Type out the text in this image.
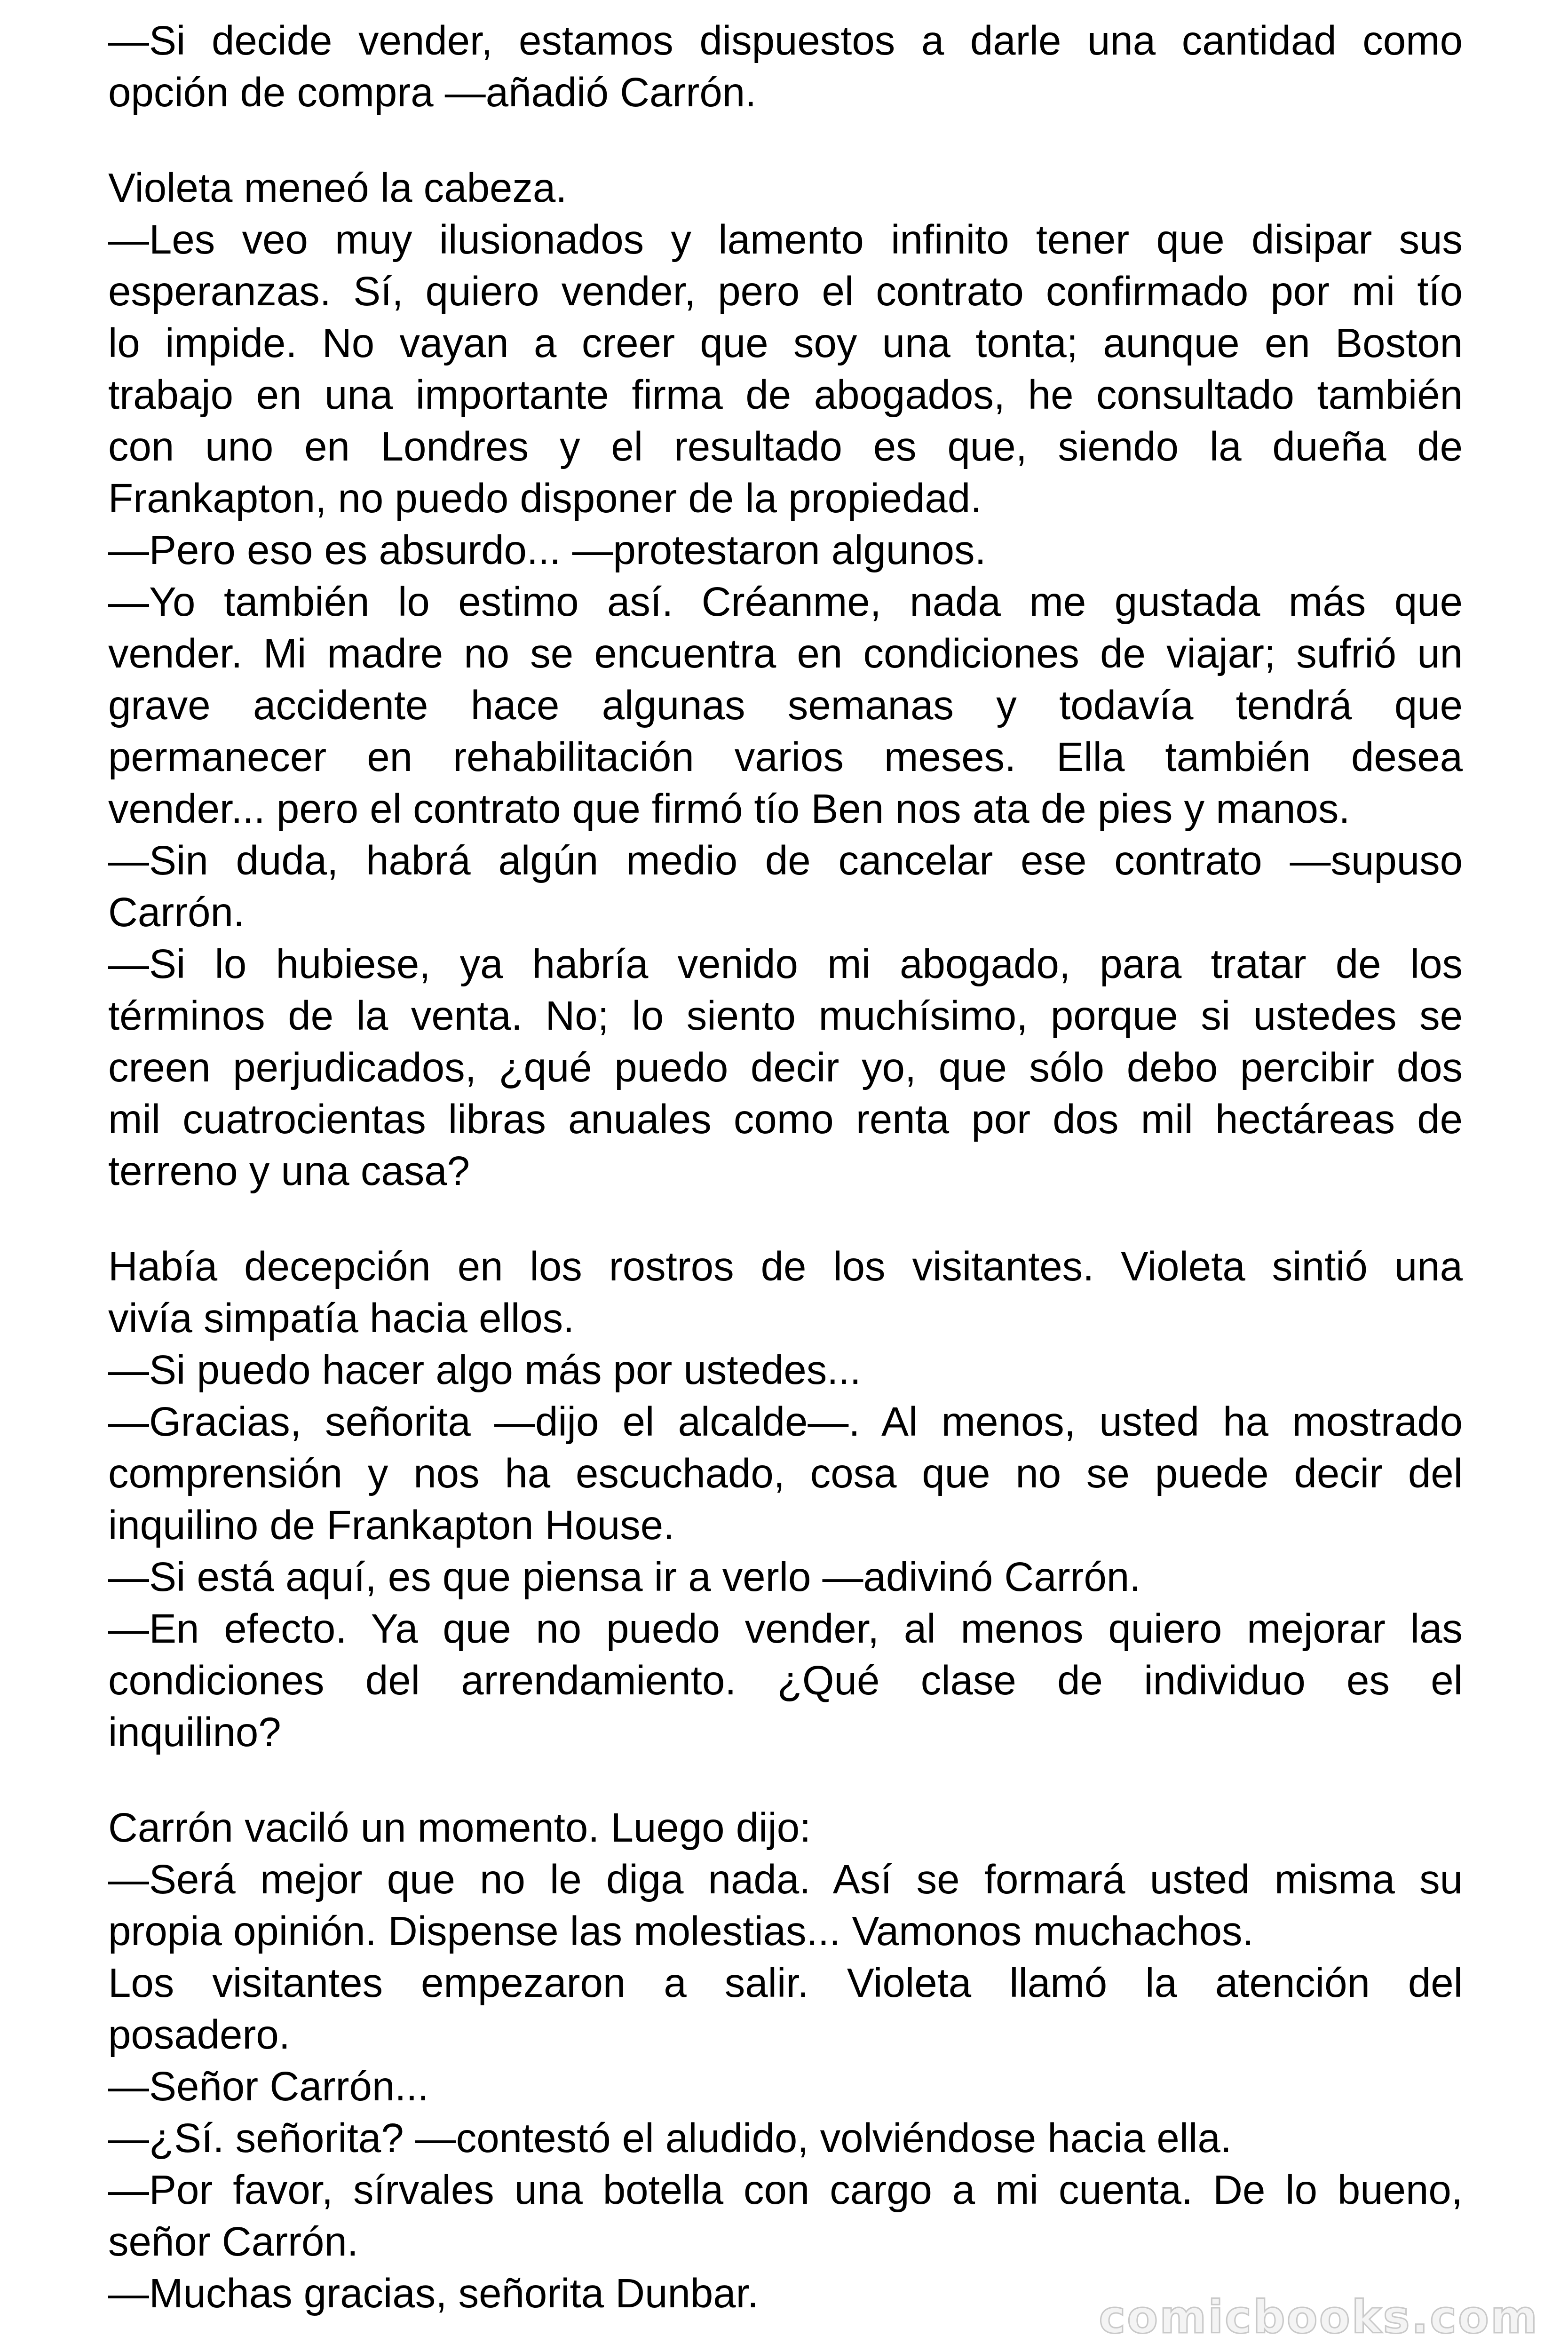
—Si decide vender, estamos dispuestos a darle una cantidad como
opción de compra —añadió Carrón.
Violeta meneó la cabeza.
—Les veo muy ilusionados y lamento infinito tener que disipar sus
esperanzas. Sí, quiero vender, pero el contrato confirmado por mi tío
lo impide. No vayan a creer que soy una tonta; aunque en Boston
trabajo en una importante firma de abogados, he consultado también
con uno en Londres y el resultado es que, siendo la dueña de
Frankapton, no puedo disponer de la propiedad.
—Pero eso es absurdo... —protestaron algunos.
—Yo también lo estimo así. Créanme, nada me gustada más que
vender. Mi madre no se encuentra en condiciones de viajar; sufrió un
grave accidente hace algunas semanas y todavía tendrá que
permanecer en rehabilitación varios meses. Ella también desea
vender... pero el contrato que firmó tío Ben nos ata de pies y manos.
—Sin duda, habrá algún medio de cancelar ese contrato —supuso
Carrón.
—Si lo hubiese, ya habría venido mi abogado, para tratar de los
términos de la venta. No; lo siento muchísimo, porque si ustedes se
creen perjudicados, ¿qué puedo decir yo, que sólo debo percibir dos
mil cuatrocientas libras anuales como renta por dos mil hectáreas de
terreno y una casa?
Había decepción en los rostros de los visitantes. Violeta sintió una
vivía simpatía hacia ellos.
—Si puedo hacer algo más por ustedes...
—Gracias, señorita —dijo el alcalde—. Al menos, usted ha mostrado
comprensión y nos ha escuchado, cosa que no se puede decir del
inquilino de Frankapton House.
—Si está aquí, es que piensa ir a verlo —adivinó Carrón.
—En efecto. Ya que no puedo vender, al menos quiero mejorar las
condiciones del arrendamiento. ¿Qué clase de individuo es el
inquilino?
Carrón vaciló un momento. Luego dijo:
—Será mejor que no le diga nada. Así se formará usted misma su
propia opinión. Dispense las molestias... Vamonos muchachos.
Los visitantes empezaron a salir. Violeta llamó la atención del
posadero.
—Señor Carrón...
—¿Sí. señorita? —contestó el aludido, volviéndose hacia ella.
—Por favor, sírvales una botella con cargo a mi cuenta. De lo bueno,
señor Carrón.
—Muchas gracias, señorita Dunbar.	comicbooks.com
